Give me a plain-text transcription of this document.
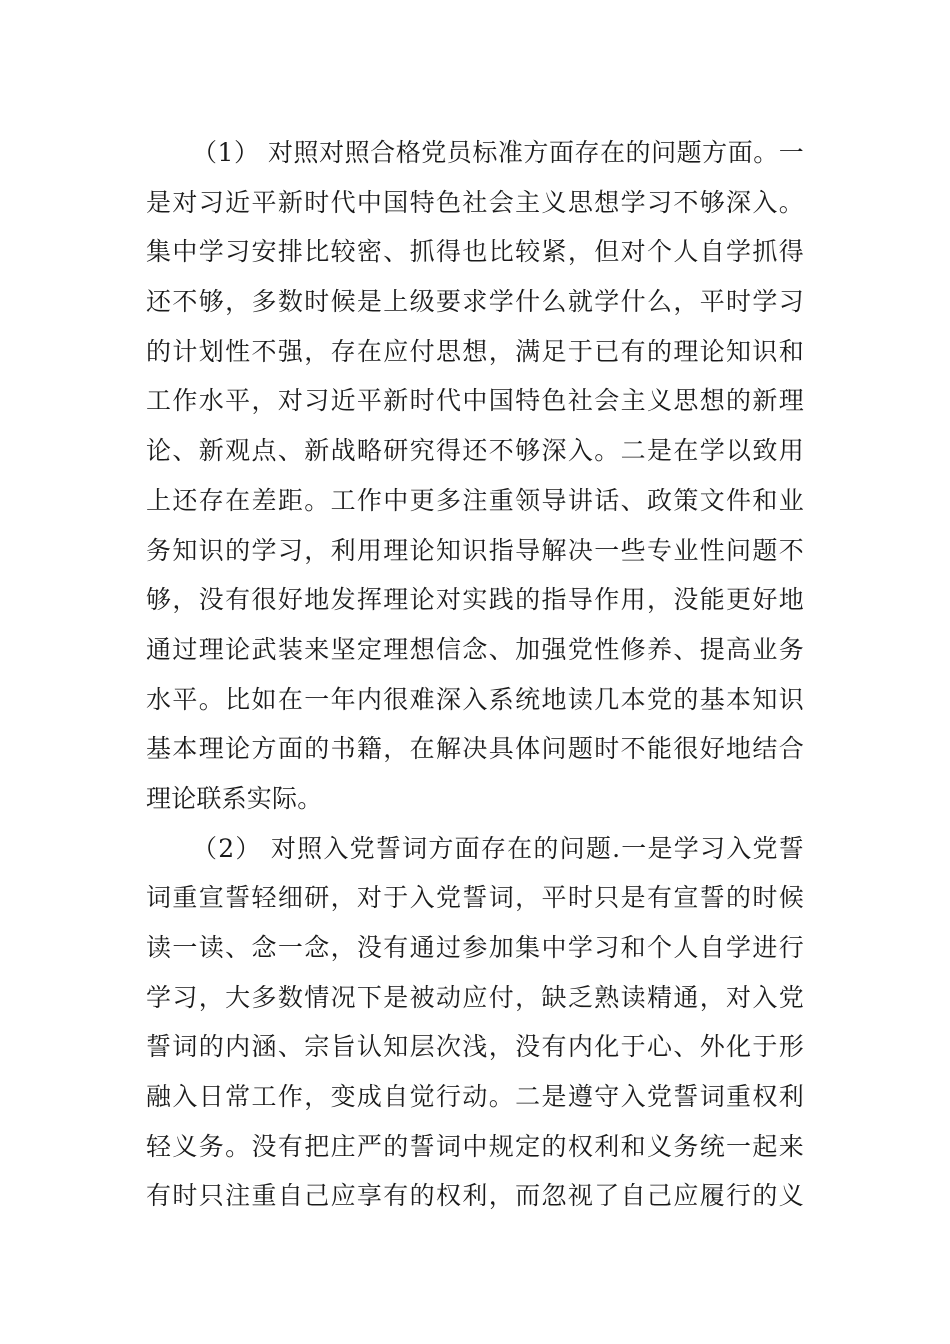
（1） 对照对照合格党员标准方面存在的问题方面。一
是对习近平新时代中国特色社会主义思想学习不够深入。
集中学习安排比较密、抓得也比较紧，但对个人自学抓得
还不够，多数时候是上级要求学什么就学什么，平时学习
的计划性不强，存在应付思想，满足于已有的理论知识和
工作水平，对习近平新时代中国特色社会主义思想的新理
论、新观点、新战略研究得还不够深入。二是在学以致用
上还存在差距。工作中更多注重领导讲话、政策文件和业
务知识的学习，利用理论知识指导解决一些专业性问题不
够，没有很好地发挥理论对实践的指导作用，没能更好地
通过理论武装来坚定理想信念、加强党性修养、提高业务
水平。比如在一年内很难深入系统地读几本党的基本知识
基本理论方面的书籍，在解决具体问题时不能很好地结合
理论联系实际。
（2） 对照入党誓词方面存在的问题.一是学习入党誓
词重宣誓轻细研，对于入党誓词，平时只是有宣誓的时候
读一读、念一念，没有通过参加集中学习和个人自学进行
学习，大多数情况下是被动应付，缺乏熟读精通，对入党
誓词的内涵、宗旨认知层次浅，没有内化于心、外化于形
融入日常工作，变成自觉行动。二是遵守入党誓词重权利
轻义务。没有把庄严的誓词中规定的权利和义务统一起来
有时只注重自己应享有的权利，而忽视了自己应履行的义
